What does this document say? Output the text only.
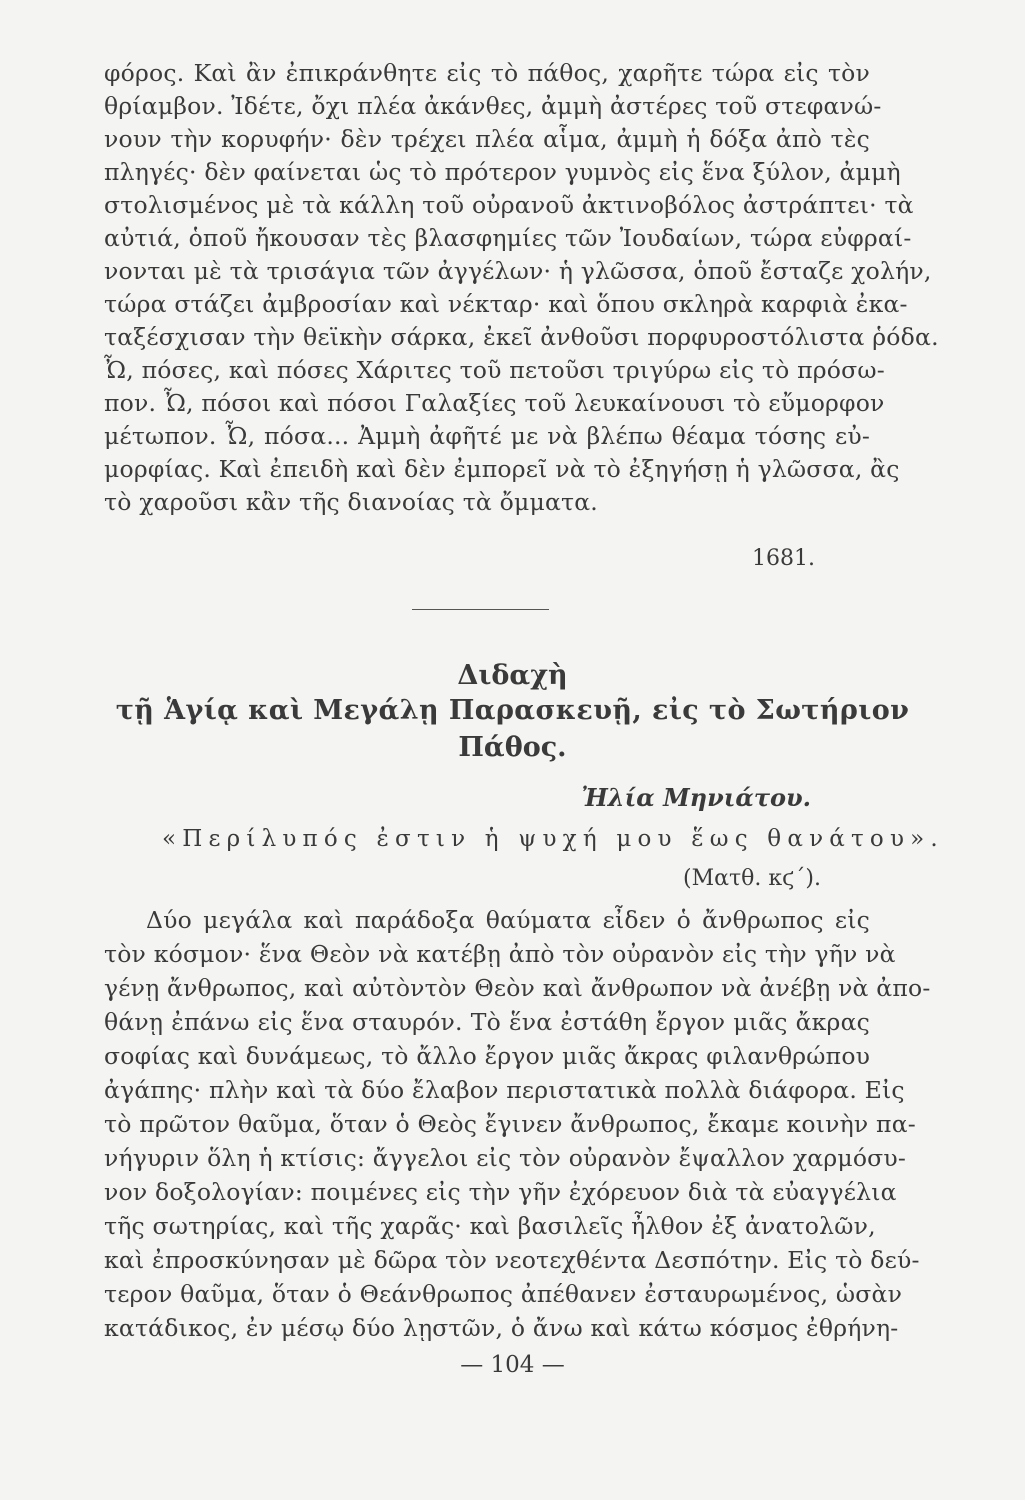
φόρος. Καὶ ἂν ἐπικράνθητε εἰς τὸ πάθος, χαρῆτε τώρα εἰς τὸν
θρίαμβον. Ἰδέτε, ὄχι πλέα ἀκάνθες, ἀμμὴ ἀστέρες τοῦ στεφανώ-
νουν τὴν κορυφήν· δὲν τρέχει πλέα αἷμα, ἀμμὴ ἡ δόξα ἀπὸ τὲς
πληγές· δὲν φαίνεται ὡς τὸ πρότερον γυμνὸς εἰς ἕνα ξύλον, ἀμμὴ
στολισμένος μὲ τὰ κάλλη τοῦ οὐρανοῦ ἀκτινοβόλος ἀστράπτει· τὰ
αὐτιά, ὁποῦ ἤκουσαν τὲς βλασφημίες τῶν Ἰουδαίων, τώρα εὐφραί-
νονται μὲ τὰ τρισάγια τῶν ἀγγέλων· ἡ γλῶσσα, ὁποῦ ἔσταζε χολήν,
τώρα στάζει ἀμβροσίαν καὶ νέκταρ· καὶ ὅπου σκληρὰ καρφιὰ ἐκα-
ταξέσχισαν τὴν θεϊκὴν σάρκα, ἐκεῖ ἀνθοῦσι πορφυροστόλιστα ῥόδα.
Ὦ, πόσες, καὶ πόσες Χάριτες τοῦ πετοῦσι τριγύρω εἰς τὸ πρόσω-
πον. Ὦ, πόσοι καὶ πόσοι Γαλαξίες τοῦ λευκαίνουσι τὸ εὔμορφον
μέτωπον. Ὦ, πόσα... Ἀμμὴ ἀφῆτέ με νὰ βλέπω θέαμα τόσης εὐ-
μορφίας. Καὶ ἐπειδὴ καὶ δὲν ἐμπορεῖ νὰ τὸ ἐξηγήσῃ ἡ γλῶσσα, ἂς
τὸ χαροῦσι κἂν τῆς διανοίας τὰ ὄμματα.
1681.
Διδαχὴ
τῇ Ἁγίᾳ καὶ Μεγάλῃ Παρασκευῇ, εἰς τὸ Σωτήριον
Πάθος.
Ἠλία Μηνιάτου.
«Περίλυπός ἐστιν ἡ ψυχή μου ἕως θανάτου».
(Ματθ. κϛ΄).
Δύο μεγάλα καὶ παράδοξα θαύματα εἶδεν ὁ ἄνθρωπος εἰς
τὸν κόσμον· ἕνα Θεὸν νὰ κατέβῃ ἀπὸ τὸν οὐρανὸν εἰς τὴν γῆν νὰ
γένῃ ἄνθρωπος, καὶ αὐτὸντὸν Θεὸν καὶ ἄνθρωπον νὰ ἀνέβῃ νὰ ἀπο-
θάνῃ ἐπάνω εἰς ἕνα σταυρόν. Τὸ ἕνα ἐστάθη ἔργον μιᾶς ἄκρας
σοφίας καὶ δυνάμεως, τὸ ἄλλο ἔργον μιᾶς ἄκρας φιλανθρώπου
ἀγάπης· πλὴν καὶ τὰ δύο ἔλαβον περιστατικὰ πολλὰ διάφορα. Εἰς
τὸ πρῶτον θαῦμα, ὅταν ὁ Θεὸς ἔγινεν ἄνθρωπος, ἔκαμε κοινὴν πα-
νήγυριν ὅλη ἡ κτίσις: ἄγγελοι εἰς τὸν οὐρανὸν ἔψαλλον χαρμόσυ-
νον δοξολογίαν: ποιμένες εἰς τὴν γῆν ἐχόρευον διὰ τὰ εὐαγγέλια
τῆς σωτηρίας, καὶ τῆς χαρᾶς· καὶ βασιλεῖς ἦλθον ἐξ ἀνατολῶν,
καὶ ἐπροσκύνησαν μὲ δῶρα τὸν νεοτεχθέντα Δεσπότην. Εἰς τὸ δεύ-
τερον θαῦμα, ὅταν ὁ Θεάνθρωπος ἀπέθανεν ἐσταυρωμένος, ὡσὰν
κατάδικος, ἐν μέσῳ δύο λῃστῶν, ὁ ἄνω καὶ κάτω κόσμος ἐθρήνη-
— 104 —
